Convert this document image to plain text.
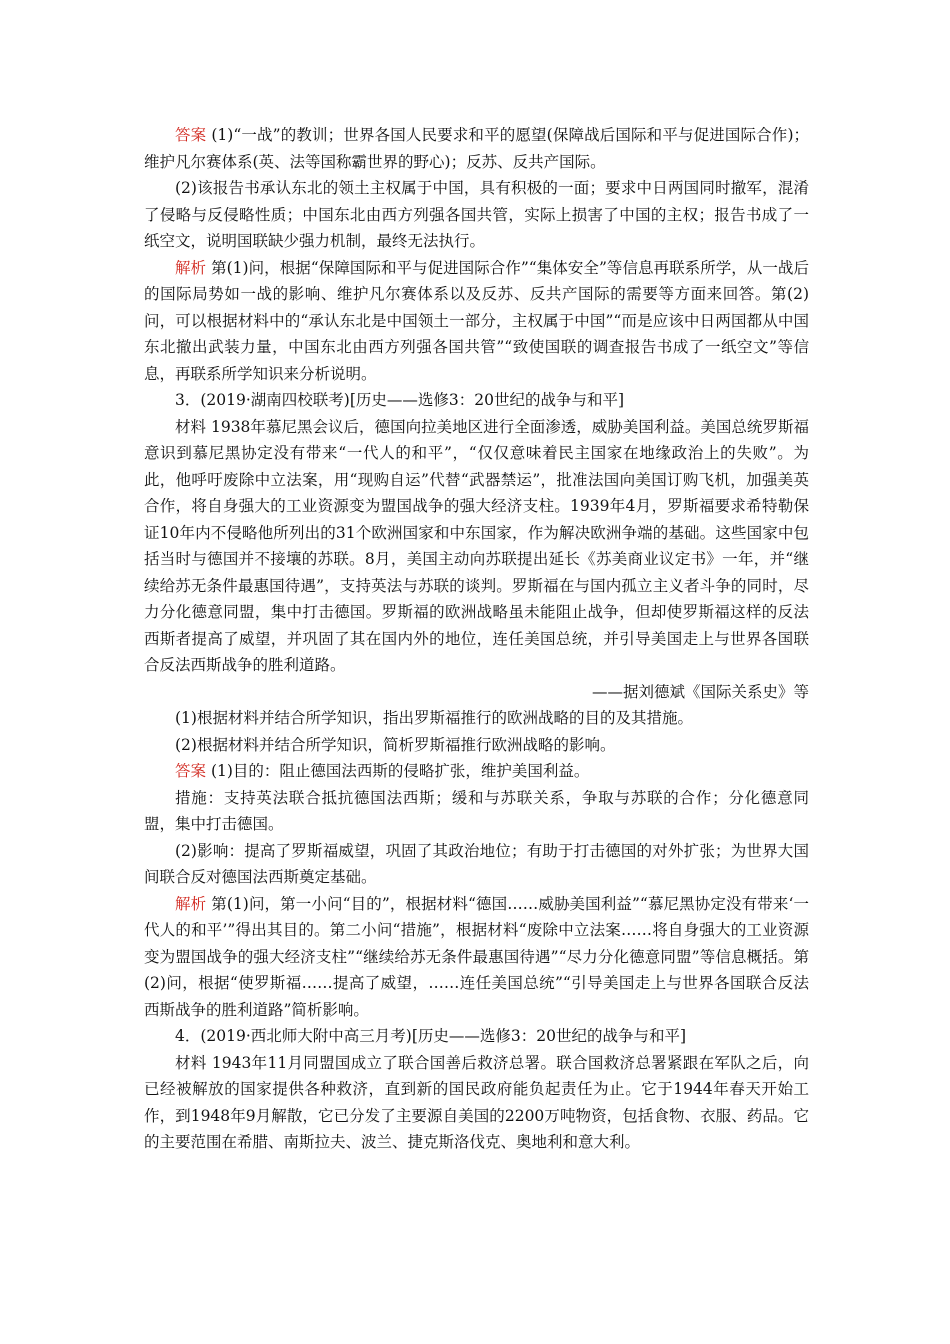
答案 (1)“一战”的教训；世界各国人民要求和平的愿望(保障战后国际和平与促进国际合作)；维护凡尔赛体系(英、法等国称霸世界的野心)；反苏、反共产国际。

(2)该报告书承认东北的领土主权属于中国，具有积极的一面；要求中日两国同时撤军，混淆了侵略与反侵略性质；中国东北由西方列强各国共管，实际上损害了中国的主权；报告书成了一纸空文，说明国联缺少强力机制，最终无法执行。

解析 第(1)问，根据“保障国际和平与促进国际合作”“集体安全”等信息再联系所学，从一战后的国际局势如一战的影响、维护凡尔赛体系以及反苏、反共产国际的需要等方面来回答。第(2)问，可以根据材料中的“承认东北是中国领土一部分，主权属于中国”“而是应该中日两国都从中国东北撤出武装力量，中国东北由西方列强各国共管”“致使国联的调查报告书成了一纸空文”等信息，再联系所学知识来分析说明。

3．(2019·湖南四校联考)[历史——选修3：20世纪的战争与和平]

材料 1938年慕尼黑会议后，德国向拉美地区进行全面渗透，威胁美国利益。美国总统罗斯福意识到慕尼黑协定没有带来“一代人的和平”，“仅仅意味着民主国家在地缘政治上的失败”。为此，他呼吁废除中立法案，用“现购自运”代替“武器禁运”，批准法国向美国订购飞机，加强美英合作，将自身强大的工业资源变为盟国战争的强大经济支柱。1939年4月，罗斯福要求希特勒保证10年内不侵略他所列出的31个欧洲国家和中东国家，作为解决欧洲争端的基础。这些国家中包括当时与德国并不接壤的苏联。8月，美国主动向苏联提出延长《苏美商业议定书》一年，并“继续给苏无条件最惠国待遇”，支持英法与苏联的谈判。罗斯福在与国内孤立主义者斗争的同时，尽力分化德意同盟，集中打击德国。罗斯福的欧洲战略虽未能阻止战争，但却使罗斯福这样的反法西斯者提高了威望，并巩固了其在国内外的地位，连任美国总统，并引导美国走上与世界各国联合反法西斯战争的胜利道路。

——据刘德斌《国际关系史》等

(1)根据材料并结合所学知识，指出罗斯福推行的欧洲战略的目的及其措施。

(2)根据材料并结合所学知识，简析罗斯福推行欧洲战略的影响。

答案 (1)目的：阻止德国法西斯的侵略扩张，维护美国利益。

措施：支持英法联合抵抗德国法西斯；缓和与苏联关系，争取与苏联的合作；分化德意同盟，集中打击德国。

(2)影响：提高了罗斯福威望，巩固了其政治地位；有助于打击德国的对外扩张；为世界大国间联合反对德国法西斯奠定基础。

解析 第(1)问，第一小问“目的”，根据材料“德国……威胁美国利益”“慕尼黑协定没有带来‘一代人的和平’”得出其目的。第二小问“措施”，根据材料“废除中立法案……将自身强大的工业资源变为盟国战争的强大经济支柱”“继续给苏无条件最惠国待遇”“尽力分化德意同盟”等信息概括。第(2)问，根据“使罗斯福……提高了威望，……连任美国总统”“引导美国走上与世界各国联合反法西斯战争的胜利道路”简析影响。

4．(2019·西北师大附中高三月考)[历史——选修3：20世纪的战争与和平]

材料 1943年11月同盟国成立了联合国善后救济总署。联合国救济总署紧跟在军队之后，向已经被解放的国家提供各种救济，直到新的国民政府能负起责任为止。它于1944年春天开始工作，到1948年9月解散，它已分发了主要源自美国的2200万吨物资，包括食物、衣服、药品。它的主要范围在希腊、南斯拉夫、波兰、捷克斯洛伐克、奥地利和意大利。
